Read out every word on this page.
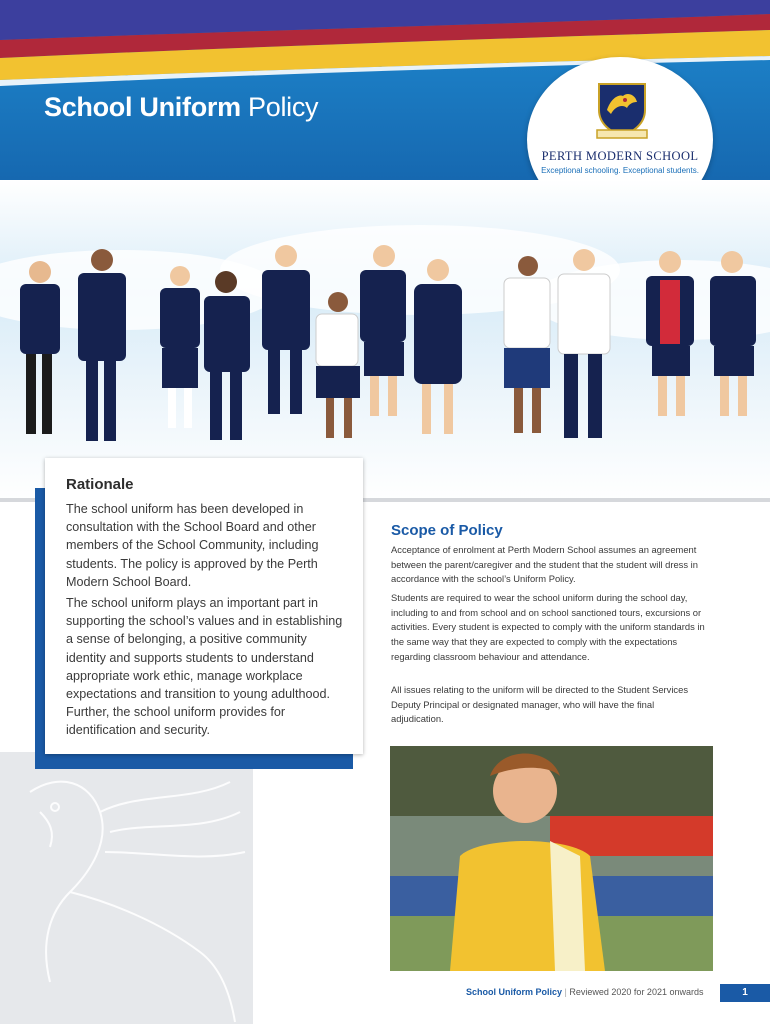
School Uniform Policy
PERTH MODERN SCHOOL
Exceptional schooling. Exceptional students.
Rationale

The school uniform has been developed in consultation with the School Board and other members of the School Community, including students. The policy is approved by the Perth Modern School Board.

The school uniform plays an important part in supporting the school’s values and in establishing a sense of belonging, a positive community identity and supports students to understand appropriate work ethic, manage workplace expectations and transition to young adulthood. Further, the school uniform provides for identification and security.

Scope of Policy

Acceptance of enrolment at Perth Modern School assumes an agreement between the parent/caregiver and the student that the student will dress in accordance with the school’s Uniform Policy.

Students are required to wear the school uniform during the school day, including to and from school and on school sanctioned tours, excursions or activities. Every student is expected to comply with the uniform standards in the same way that they are expected to comply with the expectations regarding classroom behaviour and attendance.

All issues relating to the uniform will be directed to the Student Services Deputy Principal or designated manager, who will have the final adjudication.

School Uniform Policy | Reviewed 2020 for 2021 onwards	1
